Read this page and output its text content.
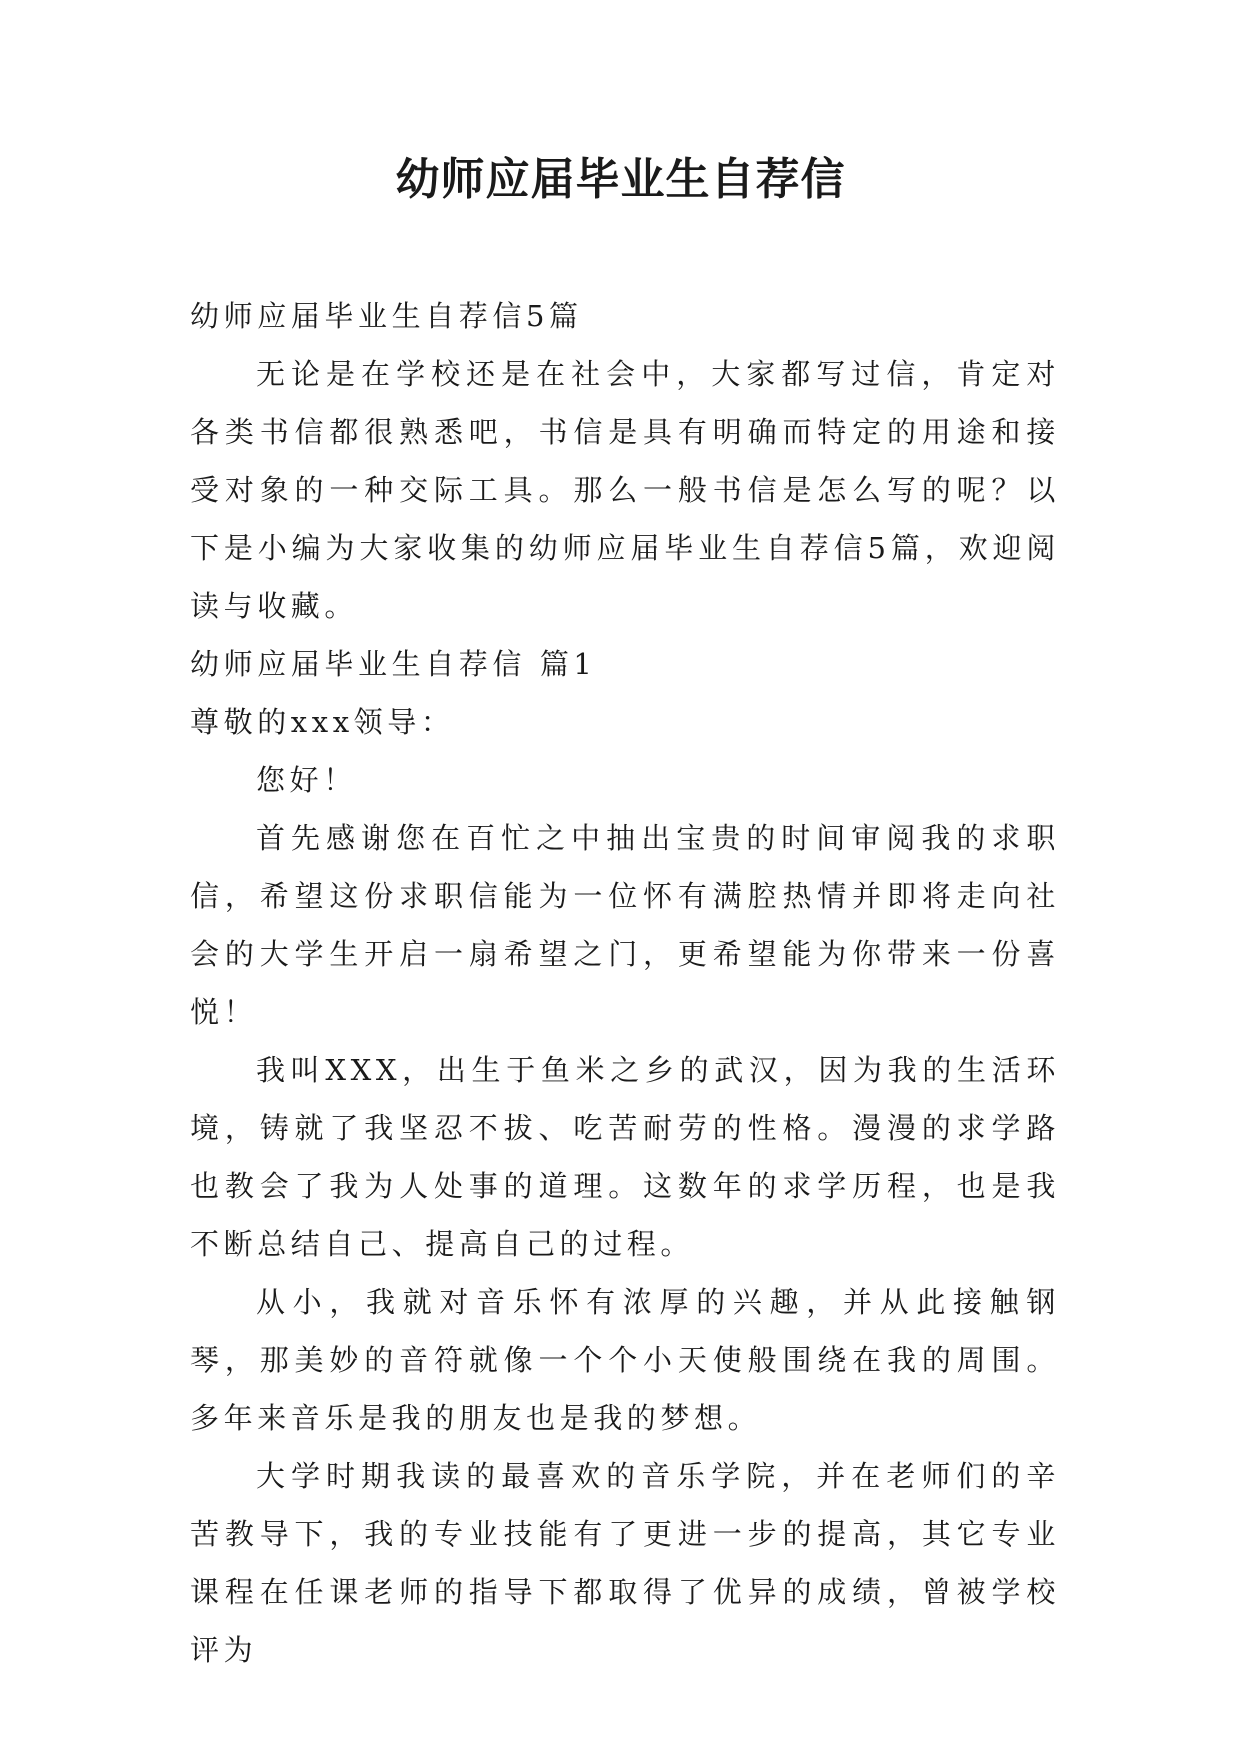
幼师应届毕业生自荐信

幼师应届毕业生自荐信5篇

无论是在学校还是在社会中，大家都写过信，肯定对各类书信都很熟悉吧，书信是具有明确而特定的用途和接受对象的一种交际工具。那么一般书信是怎么写的呢？以下是小编为大家收集的幼师应届毕业生自荐信5篇，欢迎阅读与收藏。

幼师应届毕业生自荐信 篇1

尊敬的xxx领导：

您好！

首先感谢您在百忙之中抽出宝贵的时间审阅我的求职信，希望这份求职信能为一位怀有满腔热情并即将走向社会的大学生开启一扇希望之门，更希望能为你带来一份喜悦！

我叫XXX，出生于鱼米之乡的武汉，因为我的生活环境，铸就了我坚忍不拔、吃苦耐劳的性格。漫漫的求学路也教会了我为人处事的道理。这数年的求学历程，也是我不断总结自己、提高自己的过程。

从小，我就对音乐怀有浓厚的兴趣，并从此接触钢琴，那美妙的音符就像一个个小天使般围绕在我的周围。多年来音乐是我的朋友也是我的梦想。

大学时期我读的最喜欢的音乐学院，并在老师们的辛苦教导下，我的专业技能有了更进一步的提高，其它专业课程在任课老师的指导下都取得了优异的成绩，曾被学校评为
